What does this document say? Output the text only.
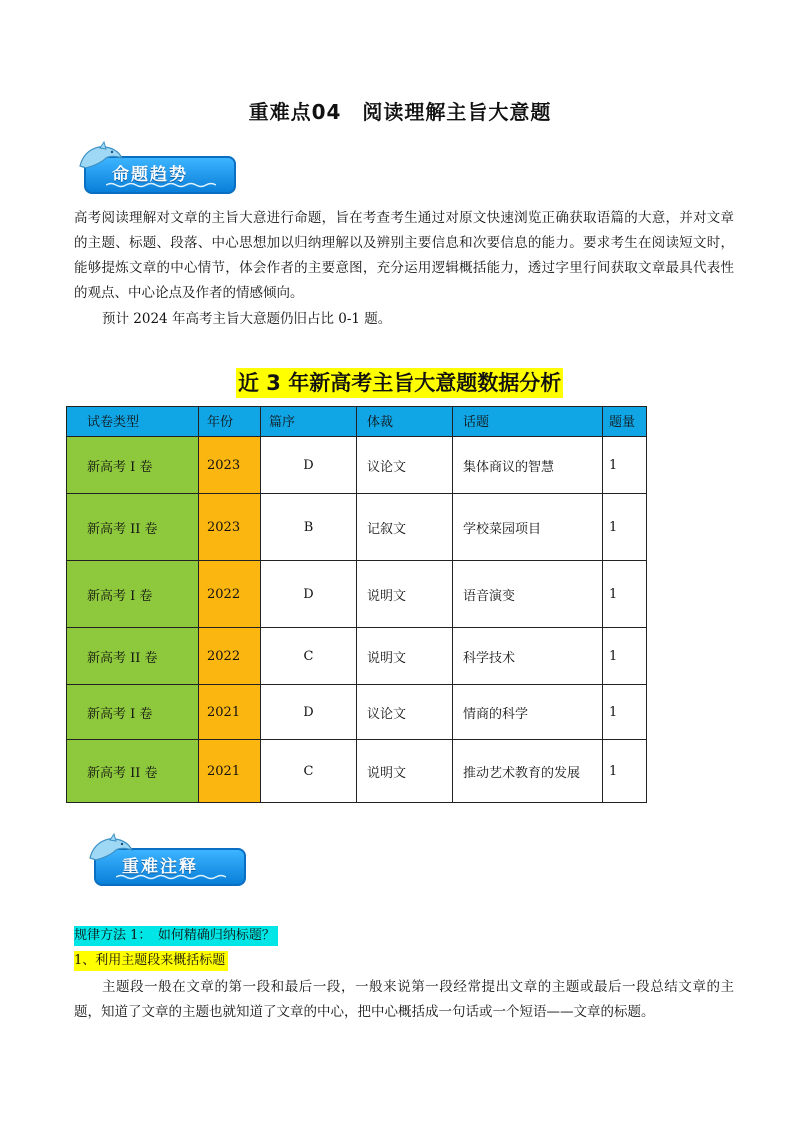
重难点04　阅读理解主旨大意题
命题趋势

高考阅读理解对文章的主旨大意进行命题，旨在考查考生通过对原文快速浏览正确获取语篇的大意，并对文章的主题、标题、段落、中心思想加以归纳理解以及辨别主要信息和次要信息的能力。要求考生在阅读短文时，能够提炼文章的中心情节，体会作者的主要意图，充分运用逻辑概括能力，透过字里行间获取文章最具代表性的观点、中心论点及作者的情感倾向。

预计 2024 年高考主旨大意题仍旧占比 0-1 题。

近 3 年新高考主旨大意题数据分析
试卷类型	年份	篇序	体裁	话题	题量
新高考 I 卷	2023	D	议论文	集体商议的智慧	1
新高考 II 卷	2023	B	记叙文	学校菜园项目	1
新高考 I 卷	2022	D	说明文	语音演变	1
新高考 II 卷	2022	C	说明文	科学技术	1
新高考 I 卷	2021	D	议论文	情商的科学	1
新高考 II 卷	2021	C	说明文	推动艺术教育的发展	1
重难注释
规律方法 1：　如何精确归纳标题？
1、利用主题段来概括标题

主题段一般在文章的第一段和最后一段，一般来说第一段经常提出文章的主题或最后一段总结文章的主题，知道了文章的主题也就知道了文章的中心，把中心概括成一句话或一个短语——文章的标题。
